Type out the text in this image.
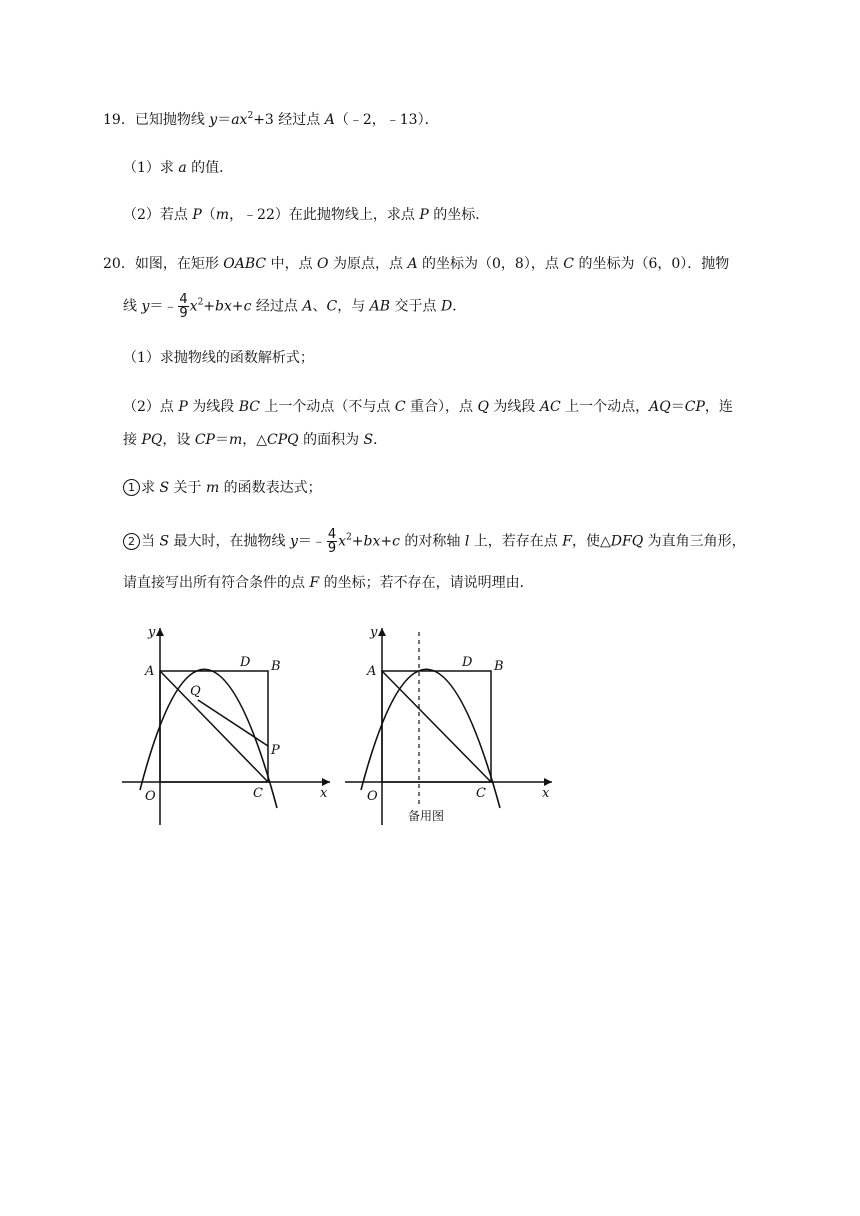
19．已知抛物线 $y=ax^2+3$ 经过点 A（﹣2，﹣13）．
（1）求 a 的值．
（2）若点 P（m，﹣22）在此抛物线上，求点 P 的坐标．
20．如图，在矩形 OABC 中，点 O 为原点，点 A 的坐标为（0，8），点 C 的坐标为（6，0）．抛物
线 y＝﹣ $\frac{4}{9} x^2+bx+c$ 经过点 A、C，与 AB 交于点 D．
（1）求抛物线的函数解析式；
（2）点 P 为线段 BC 上一个动点（不与点 C 重合），点 Q 为线段 AC 上一个动点，AQ＝CP，连
接 PQ，设 CP＝m，△CPQ 的面积为 S．
1 求 S 关于 m 的函数表达式；
2 当 S 最大时，在抛物线 y＝﹣ $\frac{4}{9} x^2+bx+c$ 的对称轴 l 上，若存在点 F，使△DFQ 为直角三角形，
请直接写出所有符合条件的点 F 的坐标；若不存在，请说明理由．
y
x
O
A
D B
C
P
Q
y
x
O
A
D B
C
备用图
